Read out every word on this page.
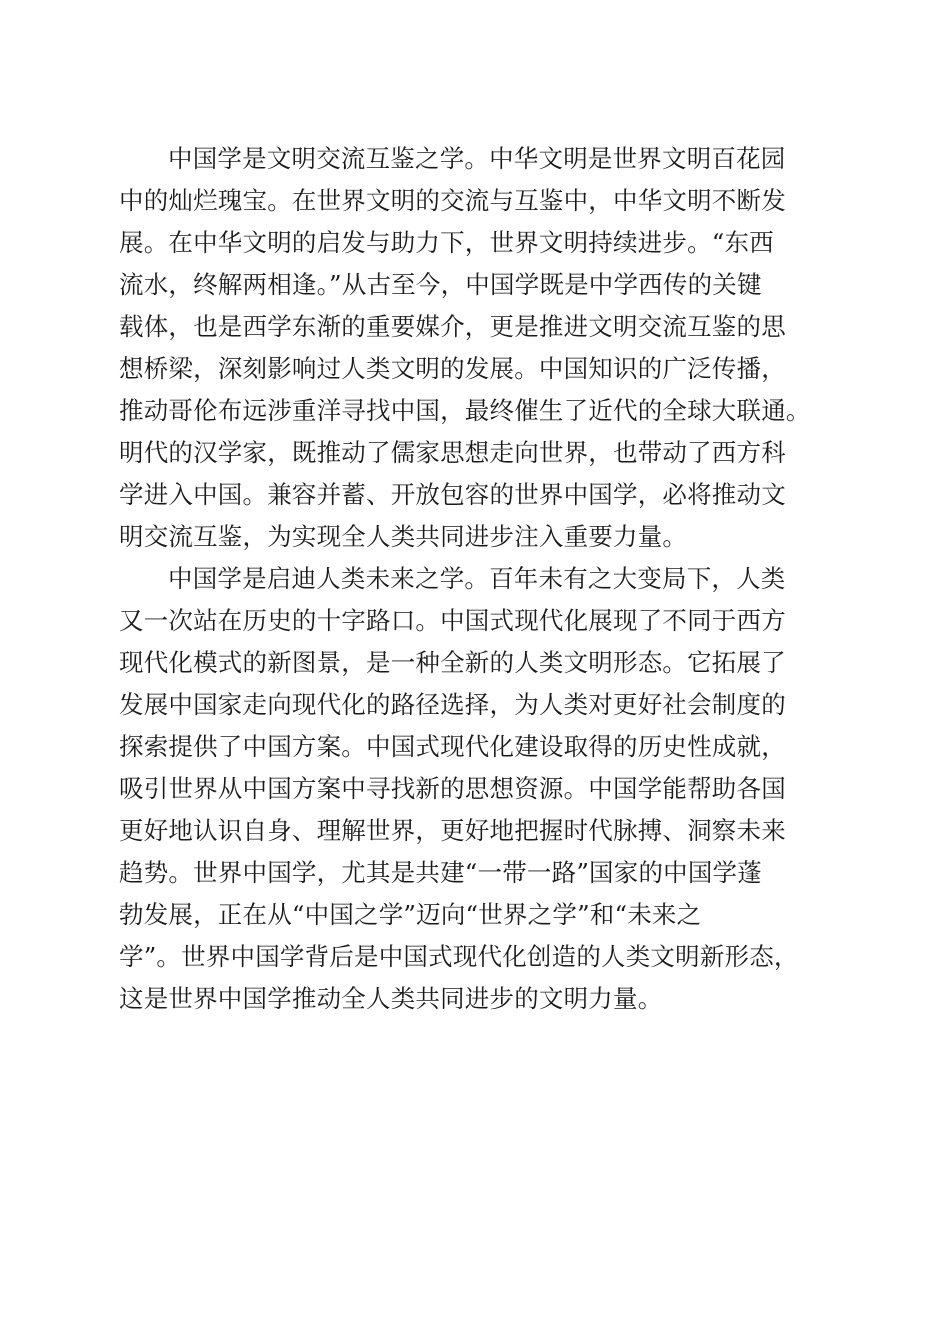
中国学是文明交流互鉴之学。中华文明是世界文明百花园
中的灿烂瑰宝。在世界文明的交流与互鉴中，中华文明不断发
展。在中华文明的启发与助力下，世界文明持续进步。“东西
流水，终解两相逢。”从古至今，中国学既是中学西传的关键
载体，也是西学东渐的重要媒介，更是推进文明交流互鉴的思
想桥梁，深刻影响过人类文明的发展。中国知识的广泛传播，
推动哥伦布远涉重洋寻找中国，最终催生了近代的全球大联通。
明代的汉学家，既推动了儒家思想走向世界，也带动了西方科
学进入中国。兼容并蓄、开放包容的世界中国学，必将推动文
明交流互鉴，为实现全人类共同进步注入重要力量。
中国学是启迪人类未来之学。百年未有之大变局下，人类
又一次站在历史的十字路口。中国式现代化展现了不同于西方
现代化模式的新图景，是一种全新的人类文明形态。它拓展了
发展中国家走向现代化的路径选择，为人类对更好社会制度的
探索提供了中国方案。中国式现代化建设取得的历史性成就，
吸引世界从中国方案中寻找新的思想资源。中国学能帮助各国
更好地认识自身、理解世界，更好地把握时代脉搏、洞察未来
趋势。世界中国学，尤其是共建“一带一路”国家的中国学蓬
勃发展，正在从“中国之学”迈向“世界之学”和“未来之
学”。世界中国学背后是中国式现代化创造的人类文明新形态，
这是世界中国学推动全人类共同进步的文明力量。
